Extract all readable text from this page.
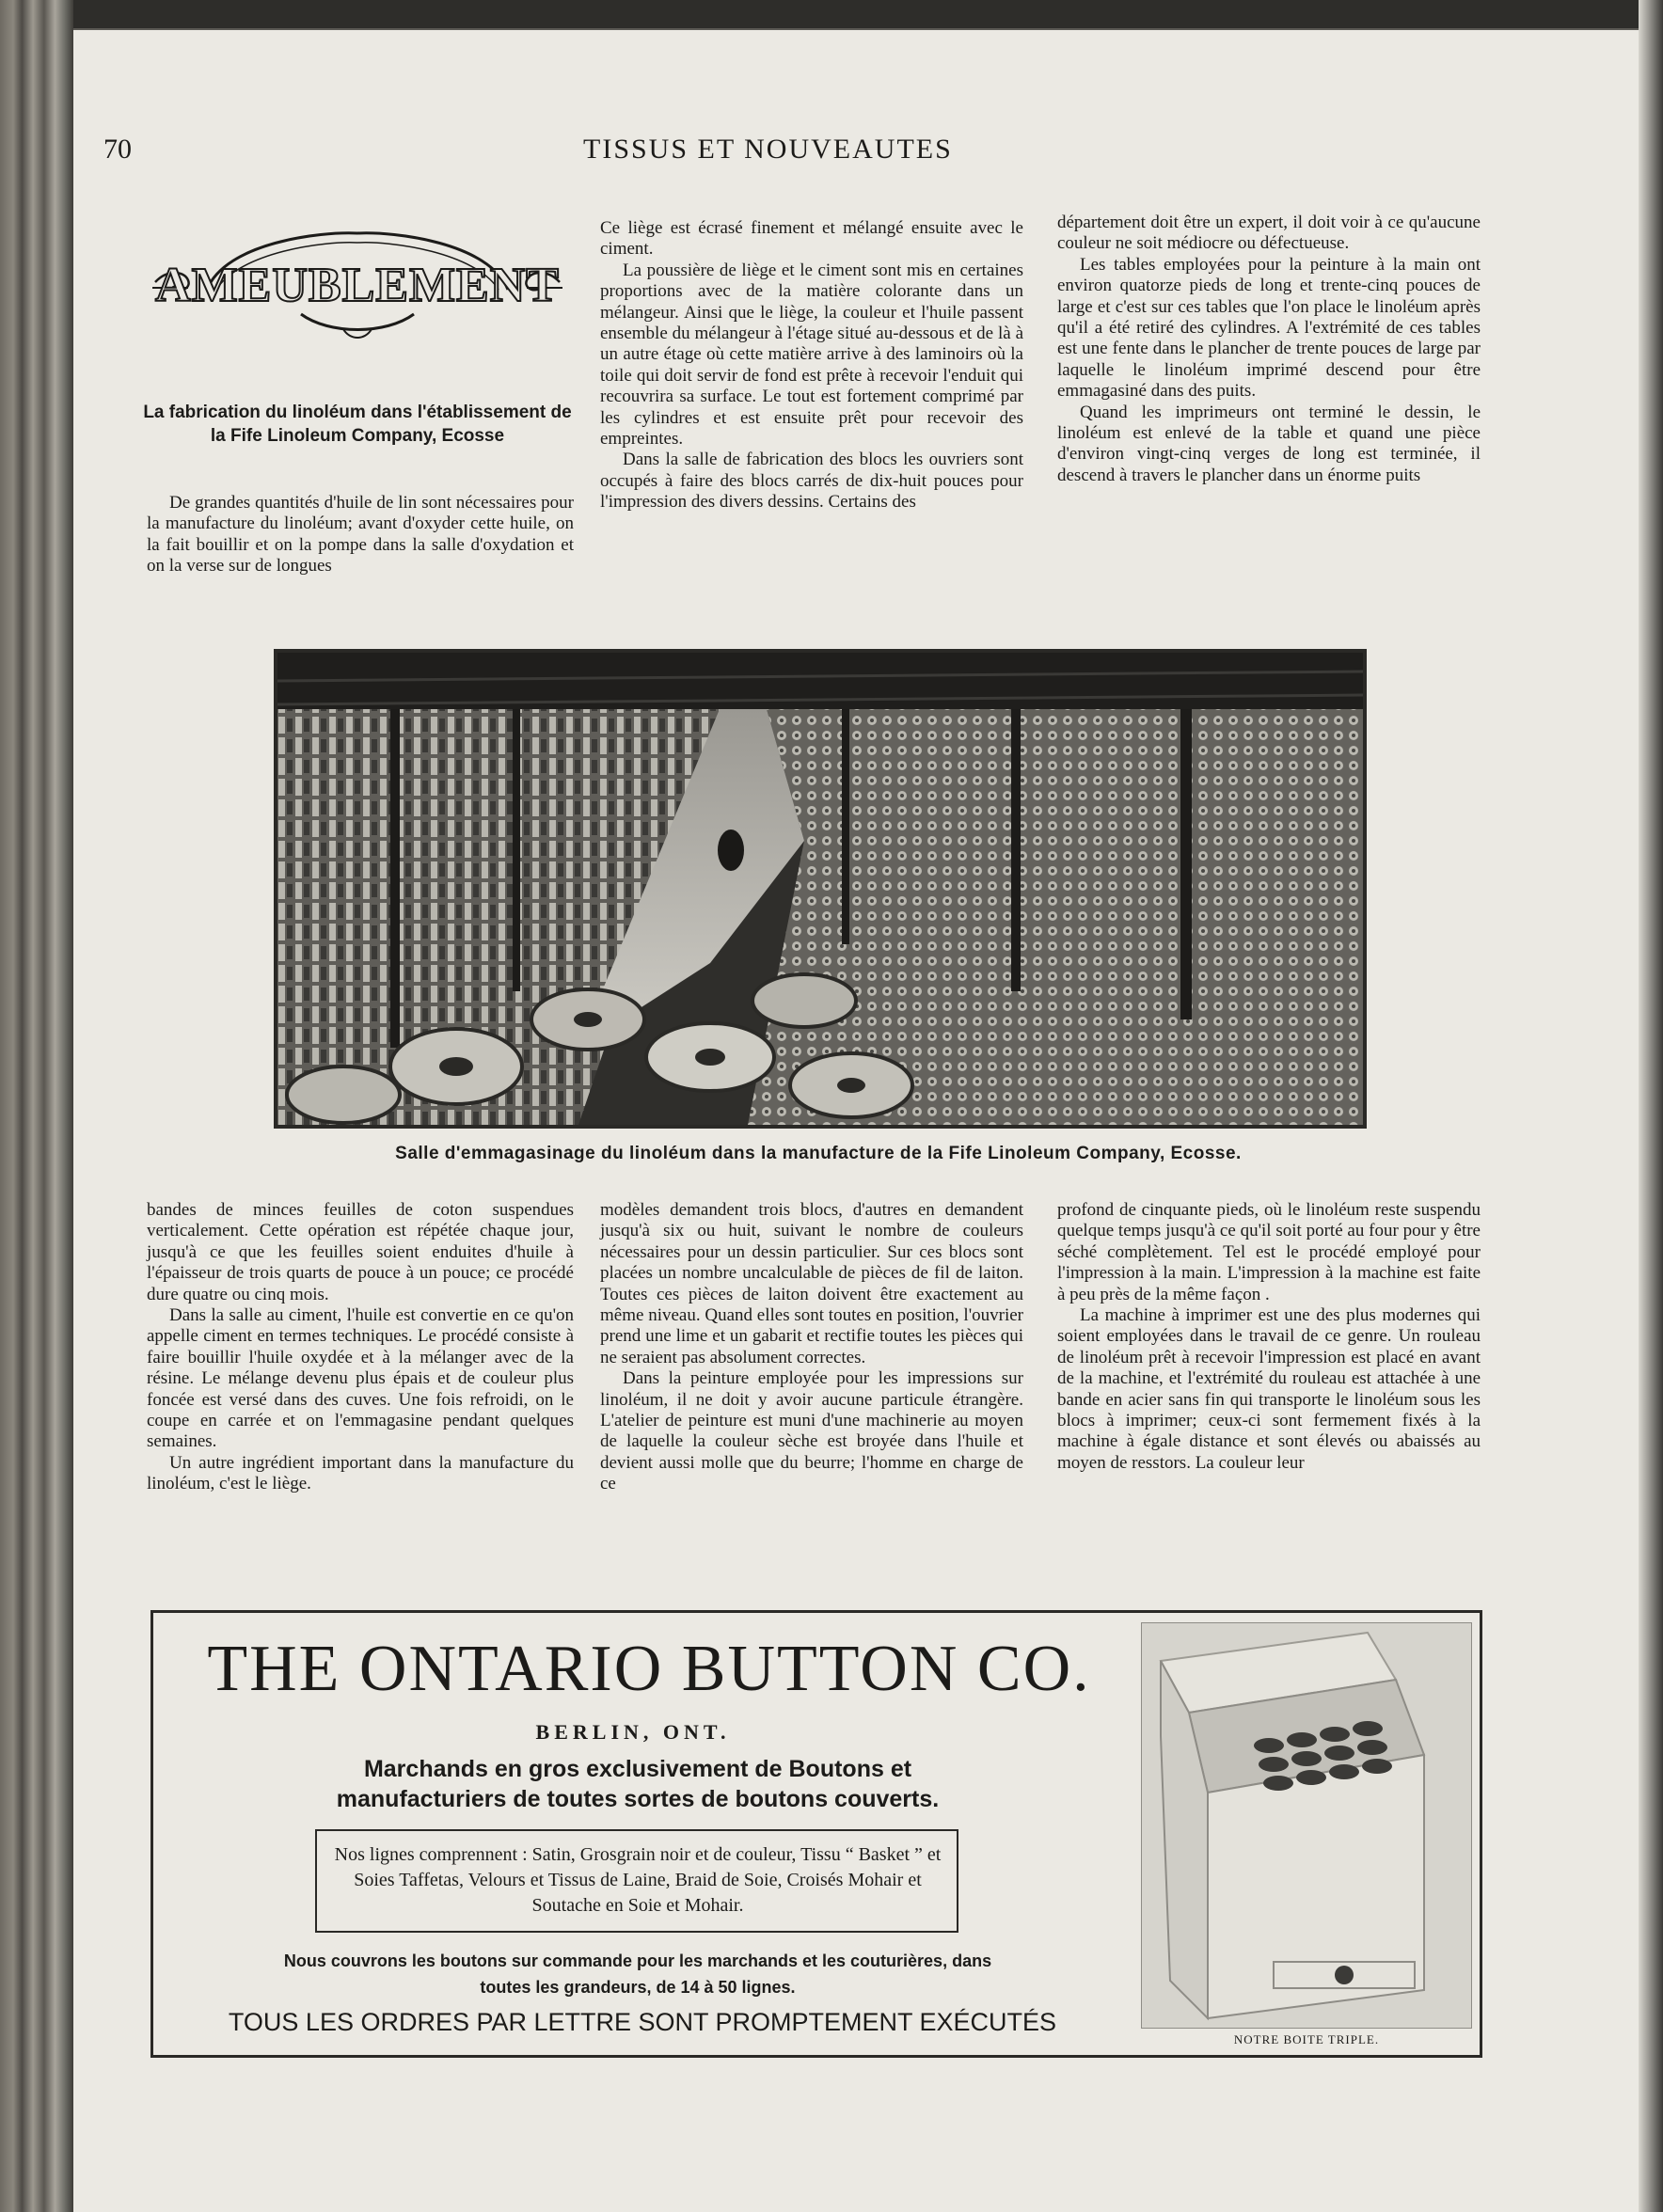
70	TISSUS ET NOUVEAUTES
AMEUBLEMENT
La fabrication du linoléum dans l'établissement de la Fife Linoleum Company, Ecosse

De grandes quantités d'huile de lin sont nécessaires pour la manufacture du linoléum; avant d'oxyder cette huile, on la fait bouillir et on la pompe dans la salle d'oxydation et on la verse sur de longues

Ce liège est écrasé finement et mélangé ensuite avec le ciment.

La poussière de liège et le ciment sont mis en certaines proportions avec de la matière colorante dans un mélangeur. Ainsi que le liège, la couleur et l'huile passent ensemble du mélangeur à l'étage situé au-dessous et de là à un autre étage où cette matière arrive à des laminoirs où la toile qui doit servir de fond est prête à recevoir l'enduit qui recouvrira sa surface. Le tout est fortement comprimé par les cylindres et est ensuite prêt pour recevoir des empreintes.

Dans la salle de fabrication des blocs les ouvriers sont occupés à faire des blocs carrés de dix-huit pouces pour l'impression des divers dessins. Certains des

département doit être un expert, il doit voir à ce qu'aucune couleur ne soit médiocre ou défectueuse.

Les tables employées pour la peinture à la main ont environ quatorze pieds de long et trente-cinq pouces de large et c'est sur ces tables que l'on place le linoléum après qu'il a été retiré des cylindres. A l'extrémité de ces tables est une fente dans le plancher de trente pouces de large par laquelle le linoléum imprimé descend pour être emmagasiné dans des puits.

Quand les imprimeurs ont terminé le dessin, le linoléum est enlevé de la table et quand une pièce d'environ vingt-cinq verges de long est terminée, il descend à travers le plancher dans un énorme puits

Salle d'emmagasinage du linoléum dans la manufacture de la Fife Linoleum Company, Ecosse.

bandes de minces feuilles de coton suspendues verticalement. Cette opération est répétée chaque jour, jusqu'à ce que les feuilles soient enduites d'huile à l'épaisseur de trois quarts de pouce à un pouce; ce procédé dure quatre ou cinq mois.

Dans la salle au ciment, l'huile est convertie en ce qu'on appelle ciment en termes techniques. Le procédé consiste à faire bouillir l'huile oxydée et à la mélanger avec de la résine. Le mélange devenu plus épais et de couleur plus foncée est versé dans des cuves. Une fois refroidi, on le coupe en carrée et on l'emmagasine pendant quelques semaines.

Un autre ingrédient important dans la manufacture du linoléum, c'est le liège.

modèles demandent trois blocs, d'autres en demandent jusqu'à six ou huit, suivant le nombre de couleurs nécessaires pour un dessin particulier. Sur ces blocs sont placées un nombre uncalculable de pièces de fil de laiton. Toutes ces pièces de laiton doivent être exactement au même niveau. Quand elles sont toutes en position, l'ouvrier prend une lime et un gabarit et rectifie toutes les pièces qui ne seraient pas absolument correctes.

Dans la peinture employée pour les impressions sur linoléum, il ne doit y avoir aucune particule étrangère. L'atelier de peinture est muni d'une machinerie au moyen de laquelle la couleur sèche est broyée dans l'huile et devient aussi molle que du beurre; l'homme en charge de ce

profond de cinquante pieds, où le linoléum reste suspendu quelque temps jusqu'à ce qu'il soit porté au four pour y être séché complètement. Tel est le procédé employé pour l'impression à la main. L'impression à la machine est faite à peu près de la même façon .

La machine à imprimer est une des plus modernes qui soient employées dans le travail de ce genre. Un rouleau de linoléum prêt à recevoir l'impression est placé en avant de la machine, et l'extrémité du rouleau est attachée à une bande en acier sans fin qui transporte le linoléum sous les blocs à imprimer; ceux-ci sont fermement fixés à la machine à égale distance et sont élevés ou abaissés au moyen de resstors. La couleur leur

THE ONTARIO BUTTON CO.
BERLIN, ONT.
Marchands en gros exclusivement de Boutons et manufacturiers de toutes sortes de boutons couverts.
Nos lignes comprennent : Satin, Grosgrain noir et de couleur, Tissu “ Basket ” et Soies Taffetas, Velours et Tissus de Laine, Braid de Soie, Croisés Mohair et Soutache en Soie et Mohair.
Nous couvrons les boutons sur commande pour les marchands et les couturières, dans toutes les grandeurs, de 14 à 50 lignes.
TOUS LES ORDRES PAR LETTRE SONT PROMPTEMENT EXÉCUTÉS
NOTRE BOITE TRIPLE.
